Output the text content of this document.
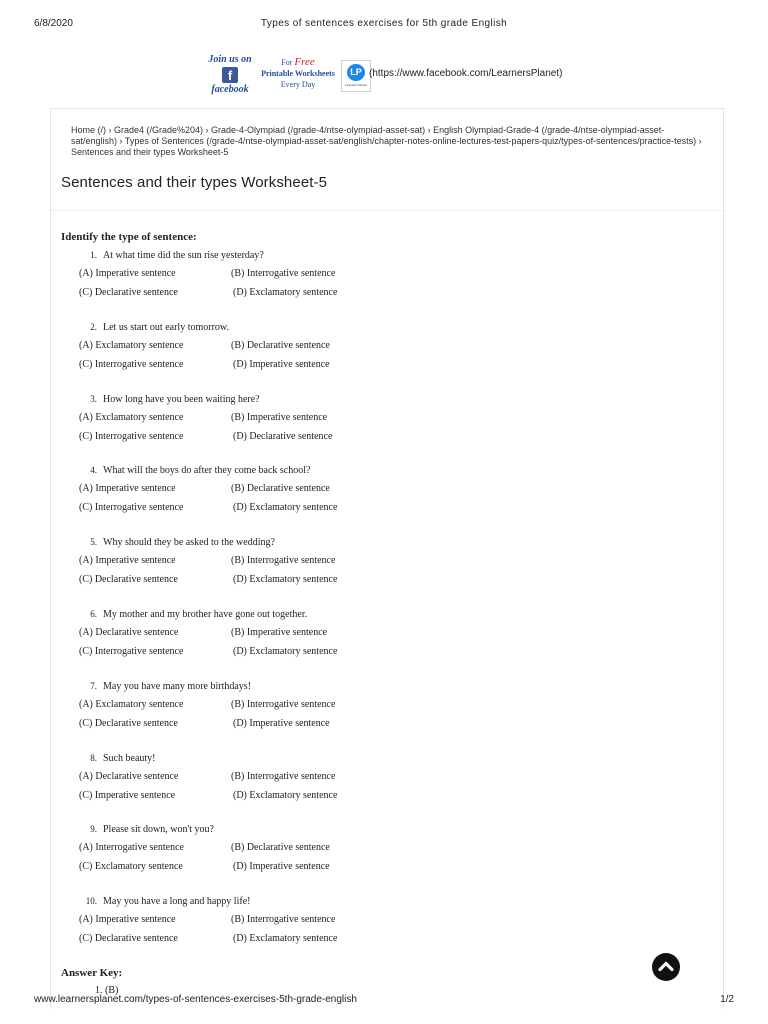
6/8/2020	Types of sentences exercises for 5th grade English
Join us on
f
facebook
For Free
Printable Worksheets
Every Day
LP
Learners' Planet
(https://www.facebook.com/LearnersPlanet)
Home (/) › Grade4 (/Grade%204) › Grade-4-Olympiad (/grade-4/ntse-olympiad-asset-sat) › English Olympiad-Grade-4 (/grade-4/ntse-olympiad-asset-sat/english) › Types of Sentences (/grade-4/ntse-olympiad-asset-sat/english/chapter-notes-online-lectures-test-papers-quiz/types-of-sentences/practice-tests) › Sentences and their types Worksheet-5
Sentences and their types Worksheet-5
Identify the type of sentence:
1. At what time did the sun rise yesterday?
(A) Imperative sentence	(B) Interrogative sentence
(C) Declarative sentence	(D) Exclamatory sentence
2. Let us start out early tomorrow.
(A) Exclamatory sentence	(B) Declarative sentence
(C) Interrogative sentence	(D) Imperative sentence
3. How long have you been waiting here?
(A) Exclamatory sentence	(B) Imperative sentence
(C) Interrogative sentence	(D) Declarative sentence
4. What will the boys do after they come back school?
(A) Imperative sentence	(B) Declarative sentence
(C) Interrogative sentence	(D) Exclamatory sentence
5. Why should they be asked to the wedding?
(A) Imperative sentence	(B) Interrogative sentence
(C) Declarative sentence	(D) Exclamatory sentence
6. My mother and my brother have gone out together.
(A) Declarative sentence	(B) Imperative sentence
(C) Interrogative sentence	(D) Exclamatory sentence
7. May you have many more birthdays!
(A) Exclamatory sentence	(B) Interrogative sentence
(C) Declarative sentence	(D) Imperative sentence
8. Such beauty!
(A) Declarative sentence	(B) Interrogative sentence
(C) Imperative sentence	(D) Exclamatory sentence
9. Please sit down, won't you?
(A) Interrogative sentence	(B) Declarative sentence
(C) Exclamatory sentence	(D) Imperative sentence
10. May you have a long and happy life!
(A) Imperative sentence	(B) Interrogative sentence
(C) Declarative sentence	(D) Exclamatory sentence
Answer Key:
1. (B)
www.learnersplanet.com/types-of-sentences-exercises-5th-grade-english	1/2
